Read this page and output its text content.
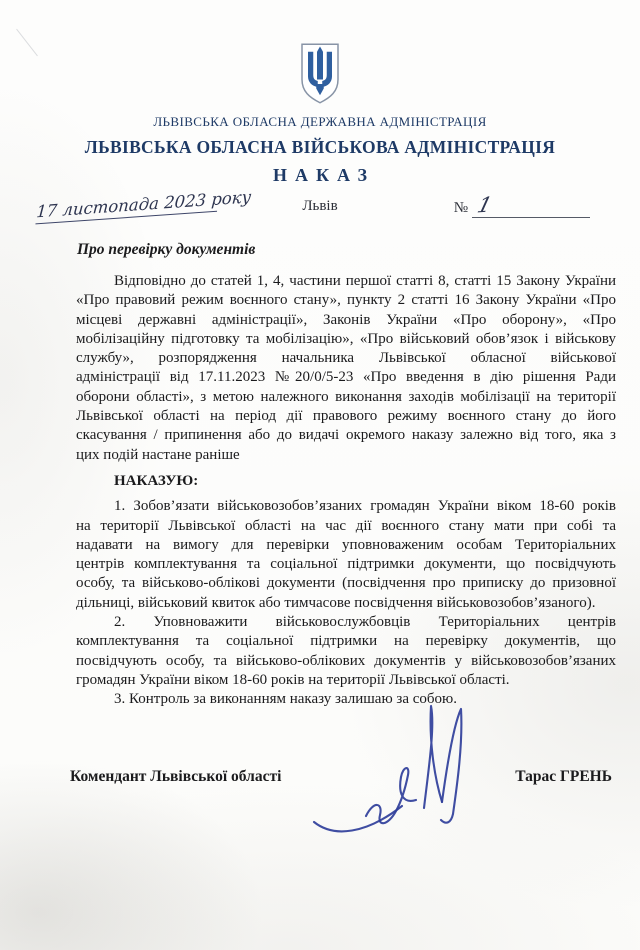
ЛЬВІВСЬКА ОБЛАСНА ДЕРЖАВНА АДМІНІСТРАЦІЯ
ЛЬВІВСЬКА ОБЛАСНА ВІЙСЬКОВА АДМІНІСТРАЦІЯ
НАКАЗ
17 листопада 2023 року	Львів	№ 1
Про перевірку документів
Відповідно до статей 1, 4, частини першої статті 8, статті 15 Закону України
«Про правовий режим воєнного стану», пункту 2 статті 16 Закону України «Про
місцеві державні адміністрації», Законів України «Про оборону», «Про
мобілізаційну підготовку та мобілізацію», «Про військовий обов’язок і військову
службу», розпорядження начальника Львівської обласної військової
адміністрації від 17.11.2023 №20/0/5-23 «Про введення в дію рішення Ради
оборони області», з метою належного виконання заходів мобілізації на території
Львівської області на період дії правового режиму воєнного стану до його
скасування / припинення або до видачі окремого наказу залежно від того, яка з
цих подій настане раніше
НАКАЗУЮ:
1. Зобов’язати військовозобов’язаних громадян України віком 18-60 років
на території Львівської області на час дії воєнного стану мати при собі та
надавати на вимогу для перевірки уповноваженим особам Територіальних
центрів комплектування та соціальної підтримки документи, що посвідчують
особу, та військово-облікові документи (посвідчення про приписку до призовної
дільниці, військовий квиток або тимчасове посвідчення військовозобов’язаного).
2. Уповноважити військовослужбовців Територіальних центрів
комплектування та соціальної підтримки на перевірку документів, що
посвідчують особу, та військово-облікових документів у військовозобов’язаних
громадян України віком 18-60 років на території Львівської області.
3. Контроль за виконанням наказу залишаю за собою.
Комендант Львівської області	Тарас ГРЕНЬ
